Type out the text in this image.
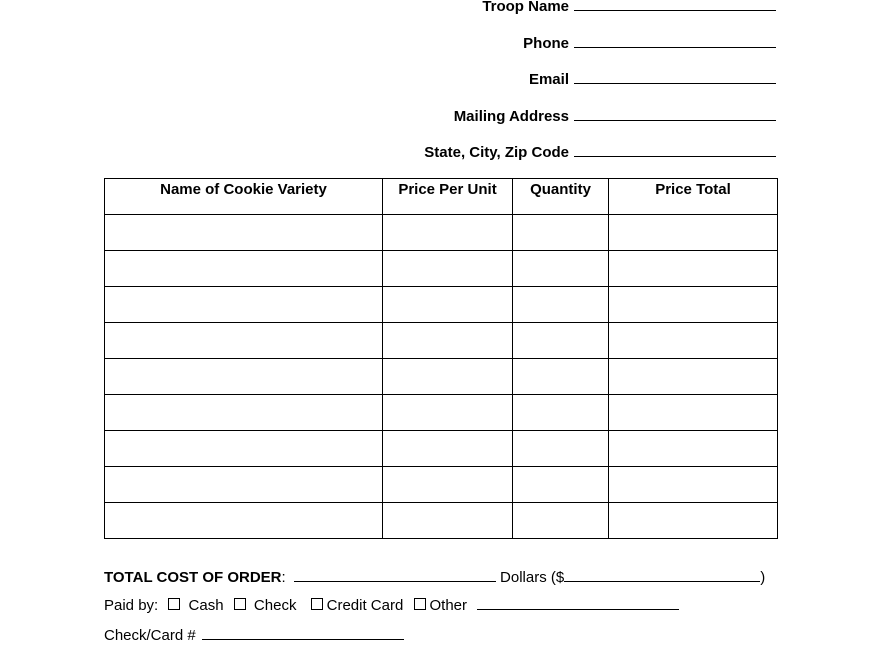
Troop Name
Phone
Email
Mailing Address
State, City, Zip Code
Name of Cookie Variety	Price Per Unit	Quantity	Price Total

TOTAL COST OF ORDER:	Dollars ($	)
Paid by: Cash Check Credit Card Other
Check/Card #
